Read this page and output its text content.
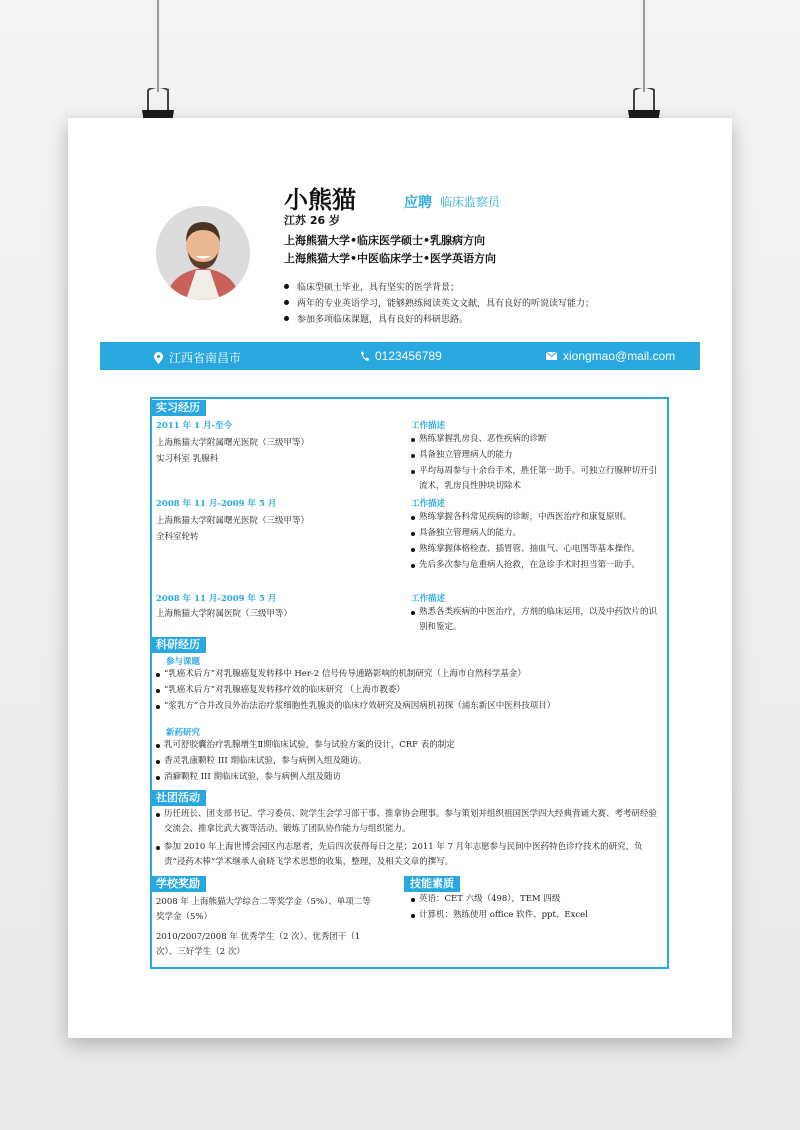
小熊猫	应聘 临床监察员
江苏 26 岁
上海熊猫大学•临床医学硕士•乳腺病方向
上海熊猫大学•中医临床学士•医学英语方向
临床型硕士毕业，具有坚实的医学背景；
两年的专业英语学习，能够熟练阅读英文文献，具有良好的听说读写能力；
参加多项临床课题，具有良好的科研思路。
江西省南昌市	0123456789	xiongmao@mail.com
实习经历
2011 年 1 月-至今
上海熊猫大学附属曙光医院（三级甲等）
实习科室 乳腺科
工作描述
熟练掌握乳房良、恶性疾病的诊断
具备独立管理病人的能力
平均每周参与十余台手术，胜任第一助手。可独立行腺肿切开引流术，乳房良性肿块切除术
2008 年 11 月-2009 年 5 月
上海熊猫大学附属曙光医院（三级甲等）
全科室轮转
工作描述
熟练掌握各科常见疾病的诊断，中西医治疗和康复原则。
具备独立管理病人的能力。
熟练掌握体格检查、插胃管、抽血气、心电图等基本操作。
先后多次参与危重病人抢救，在急诊手术时担当第一助手。
2008 年 11 月-2009 年 5 月
上海熊猫大学附属医院（三级甲等）
工作描述
熟悉各类疾病的中医治疗，方剂的临床运用，以及中药饮片的识别和鉴定。
科研经历
参与课题
“乳癌术后方”对乳腺癌复发转移中 Her-2 信号传导通路影响的机制研究（上海市自然科学基金）
“乳癌术后方”对乳腺癌复发转移疗效的临床研究 （上海市教委）
“浆乳方”合并改良外治法治疗浆细胞性乳腺炎的临床疗效研究及病因病机初探（浦东新区中医科技项目）
新药研究
乳可舒胶囊治疗乳腺增生Ⅱ期临床试验，参与试验方案的设计，CRF 表的制定
香灵乳康颗粒 III 期临床试验，参与病例入组及随访。
消癖颗粒 III 期临床试验，参与病例入组及随访
社团活动
历任班长、团支部书记、学习委员、院学生会学习部干事、推拿协会理事。参与策划并组织祖国医学四大经典背诵大赛、考考研经验交流会、推拿比武大赛等活动。锻炼了团队协作能力与组织能力。
参加 2010 年上海世博会园区内志愿者，先后四次获得每日之星；2011 年 7 月年志愿参与民间中医药特色诊疗技术的研究，负责“浸药木棒”学术继承人俞晓飞学术思想的收集，整理，及相关文章的撰写。
学校奖励
2008 年 上海熊猫大学综合二等奖学金（5%）、单项二等奖学金（5%）
2010/2007/2008 年 优秀学生（2 次）、优秀团干（1 次）、三好学生（2 次）
技能素质
英语：CET 六级（498），TEM 四级
计算机：熟练使用 office 软件、ppt、Excel
